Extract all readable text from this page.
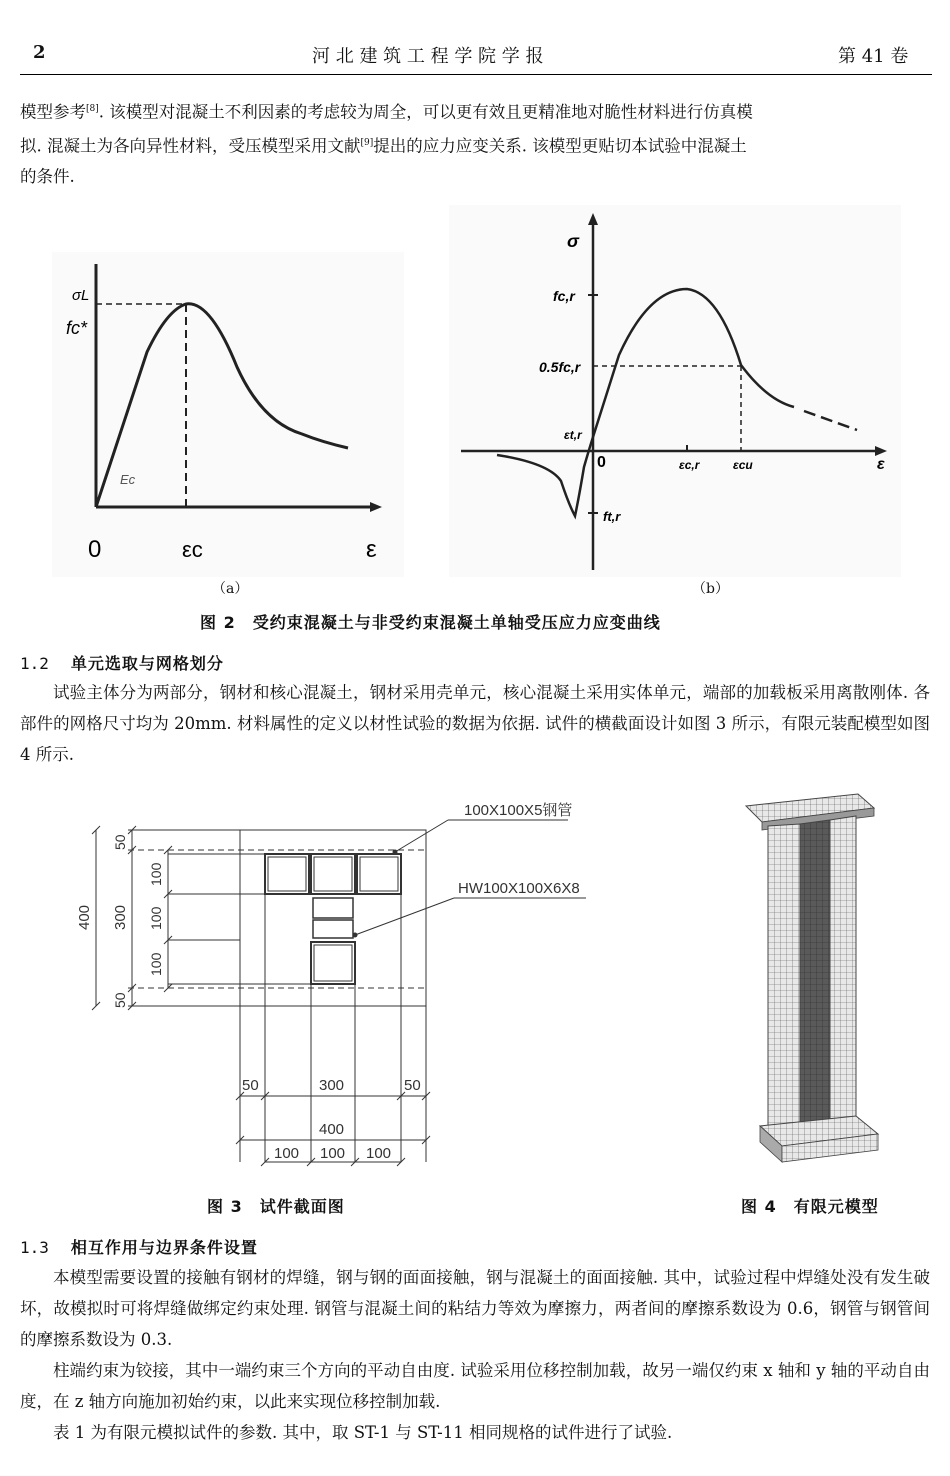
2	河 北 建 筑 工 程 学 院 学 报	第 41 卷
模型参考[8]. 该模型对混凝土不利因素的考虑较为周全，可以更有效且更精准地对脆性材料进行仿真模
拟. 混凝土为各向异性材料，受压模型采用文献[9]提出的应力应变关系. 该模型更贴切本试验中混凝土
的条件.
σL
fc*
Ec
0	εc	ε
（a）
σ
fc,r
0.5fc,r
εt,r
0	εc,r	εcu	ε
ft,r
（b）
图 2　受约束混凝土与非受约束混凝土单轴受压应力应变曲线
1.2 单元选取与网格划分
试验主体分为两部分，钢材和核心混凝土，钢材采用壳单元，核心混凝土采用实体单元，端部的加载板采用离散刚体. 各部件的网格尺寸均为 20mm. 材料属性的定义以材性试验的数据为依据. 试件的横截面设计如图 3 所示，有限元装配模型如图 4 所示.
100X100X5钢管
HW100X100X6X8
400 300
50
50
100
100
100
50	300	50
400
100 100 100
图 3　试件截面图	图 4　有限元模型
1.3 相互作用与边界条件设置
本模型需要设置的接触有钢材的焊缝，钢与钢的面面接触，钢与混凝土的面面接触. 其中，试验过程中焊缝处没有发生破坏，故模拟时可将焊缝做绑定约束处理. 钢管与混凝土间的粘结力等效为摩擦力，两者间的摩擦系数设为 0.6，钢管与钢管间的摩擦系数设为 0.3.
柱端约束为铰接，其中一端约束三个方向的平动自由度. 试验采用位移控制加载，故另一端仅约束 x 轴和 y 轴的平动自由度，在 z 轴方向施加初始约束，以此来实现位移控制加载.
表 1 为有限元模拟试件的参数. 其中，取 ST-1 与 ST-11 相同规格的试件进行了试验.
